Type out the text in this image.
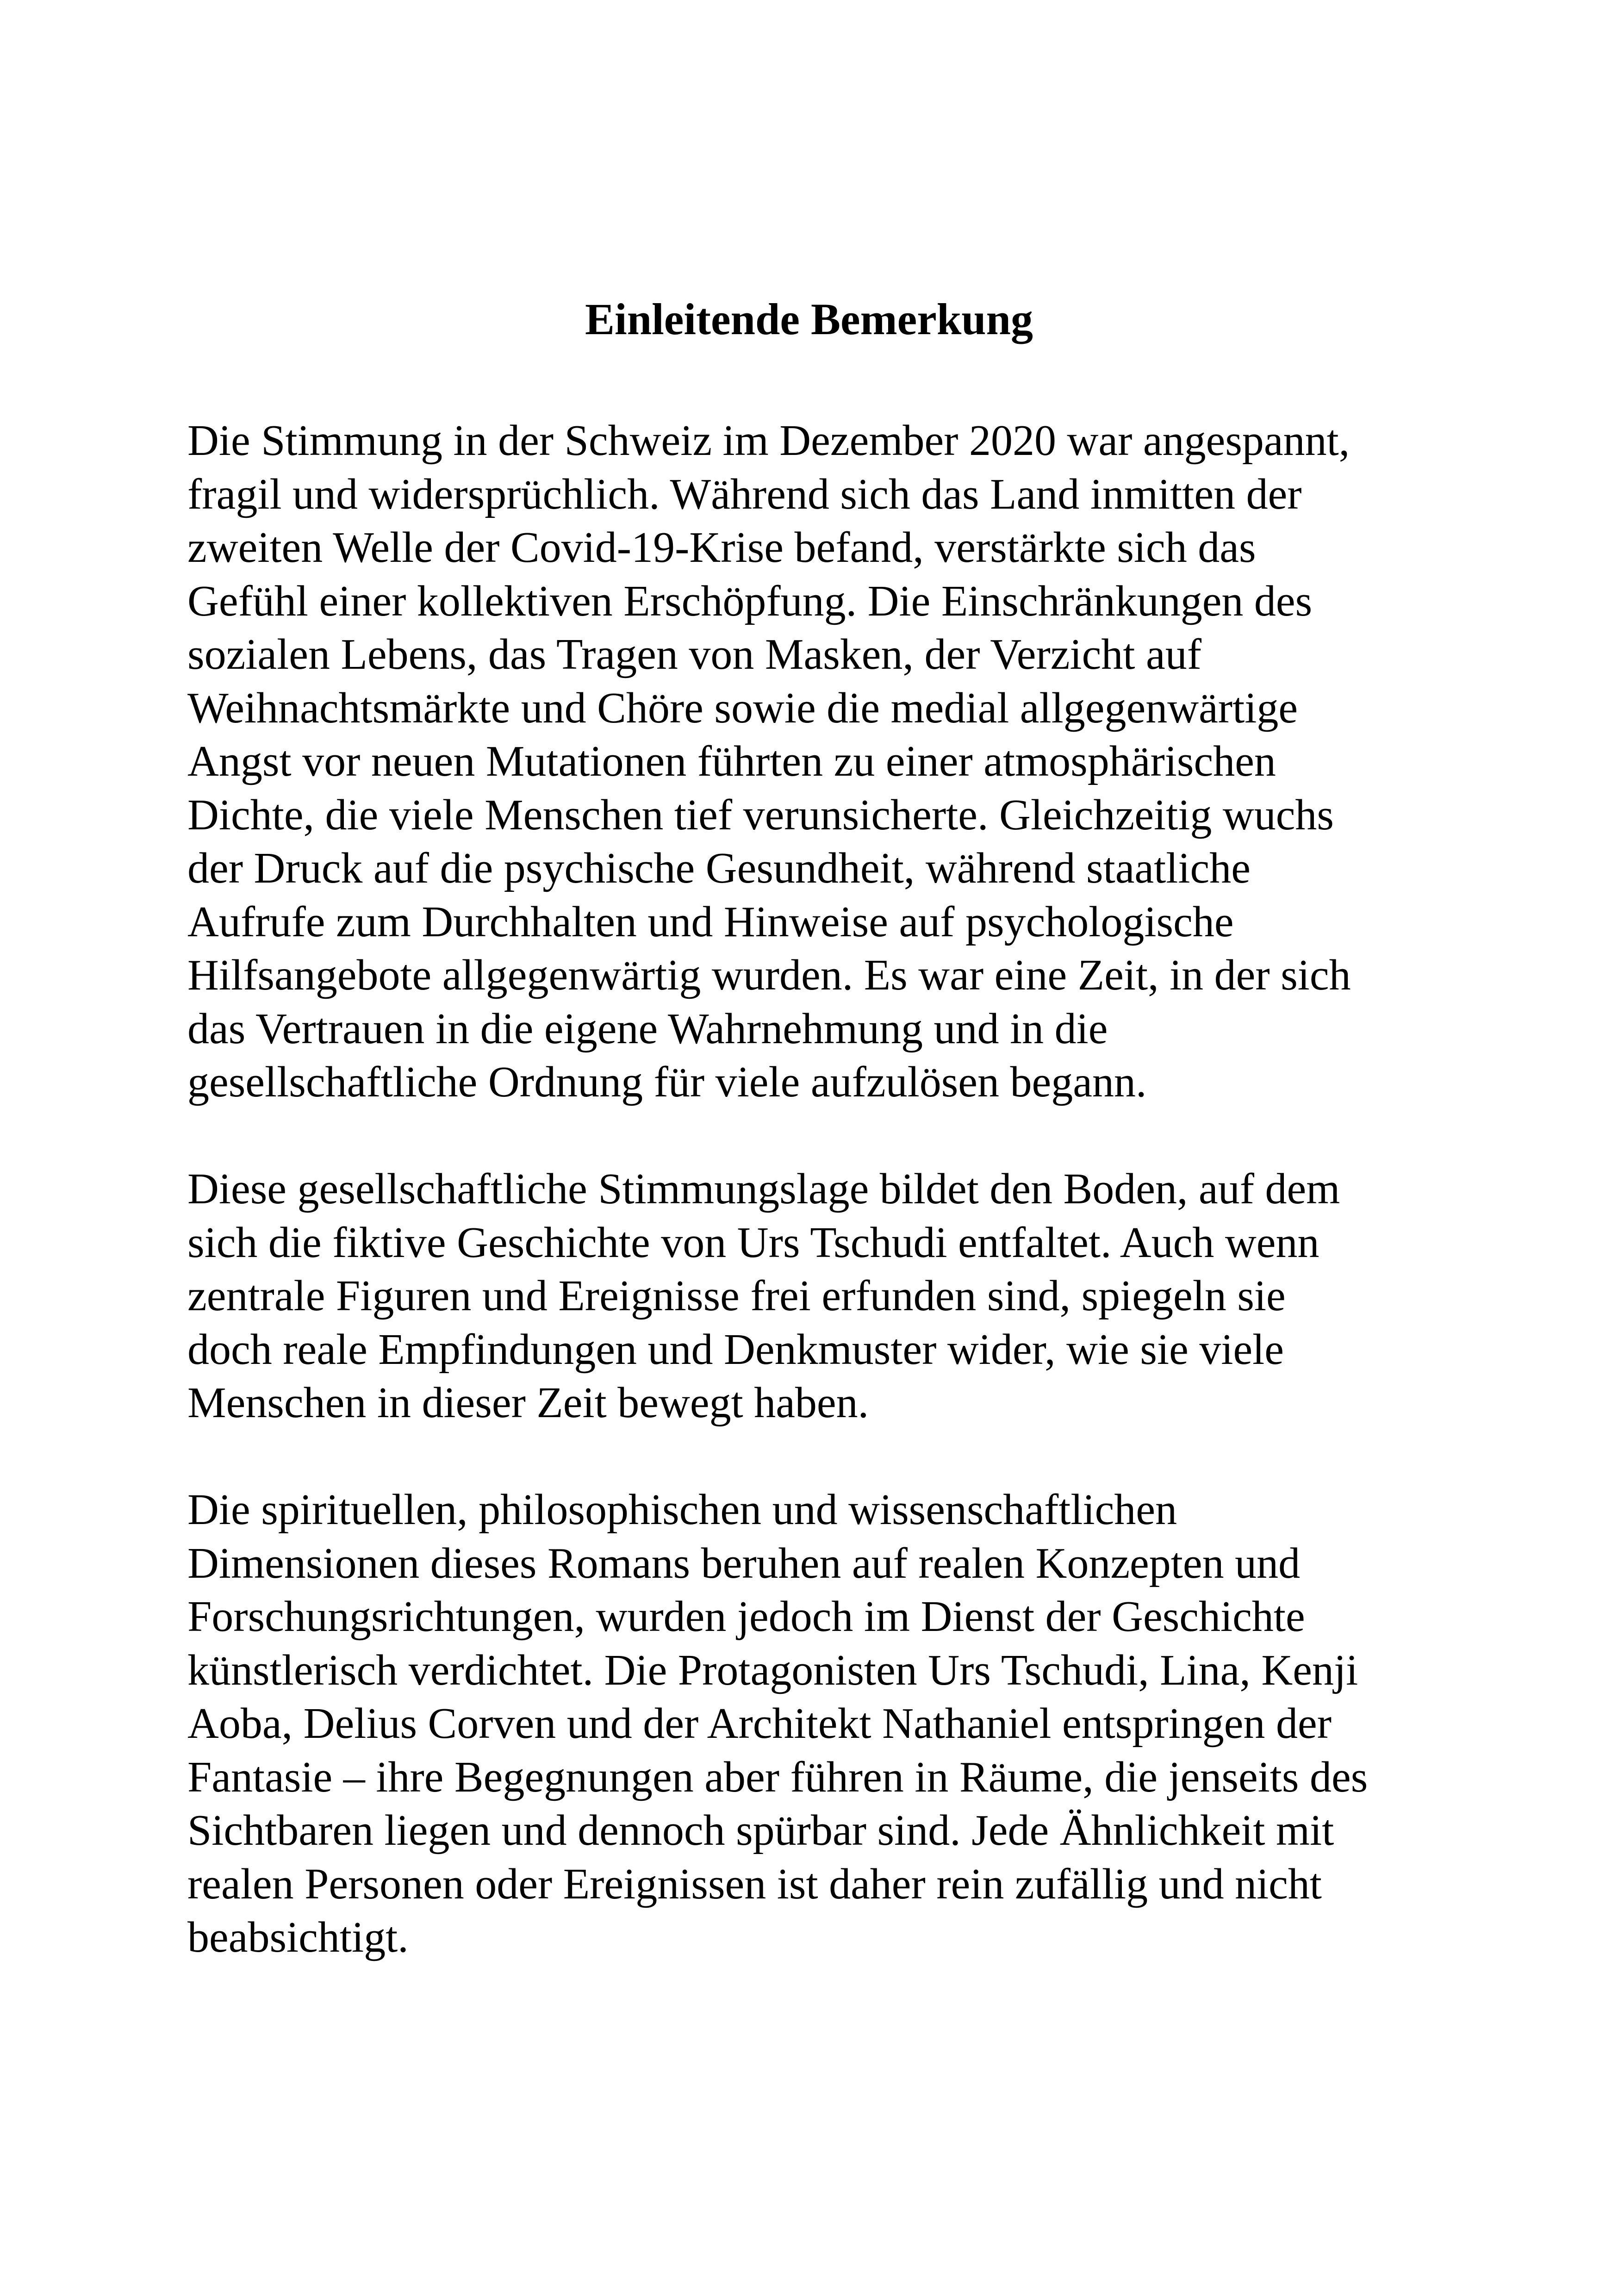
Einleitende Bemerkung

Die Stimmung in der Schweiz im Dezember 2020 war angespannt,
fragil und widersprüchlich. Während sich das Land inmitten der
zweiten Welle der Covid-19-Krise befand, verstärkte sich das
Gefühl einer kollektiven Erschöpfung. Die Einschränkungen des
sozialen Lebens, das Tragen von Masken, der Verzicht auf
Weihnachtsmärkte und Chöre sowie die medial allgegenwärtige
Angst vor neuen Mutationen führten zu einer atmosphärischen
Dichte, die viele Menschen tief verunsicherte. Gleichzeitig wuchs
der Druck auf die psychische Gesundheit, während staatliche
Aufrufe zum Durchhalten und Hinweise auf psychologische
Hilfsangebote allgegenwärtig wurden. Es war eine Zeit, in der sich
das Vertrauen in die eigene Wahrnehmung und in die
gesellschaftliche Ordnung für viele aufzulösen begann.

Diese gesellschaftliche Stimmungslage bildet den Boden, auf dem
sich die fiktive Geschichte von Urs Tschudi entfaltet. Auch wenn
zentrale Figuren und Ereignisse frei erfunden sind, spiegeln sie
doch reale Empfindungen und Denkmuster wider, wie sie viele
Menschen in dieser Zeit bewegt haben.

Die spirituellen, philosophischen und wissenschaftlichen
Dimensionen dieses Romans beruhen auf realen Konzepten und
Forschungsrichtungen, wurden jedoch im Dienst der Geschichte
künstlerisch verdichtet. Die Protagonisten Urs Tschudi, Lina, Kenji
Aoba, Delius Corven und der Architekt Nathaniel entspringen der
Fantasie – ihre Begegnungen aber führen in Räume, die jenseits des
Sichtbaren liegen und dennoch spürbar sind. Jede Ähnlichkeit mit
realen Personen oder Ereignissen ist daher rein zufällig und nicht
beabsichtigt.
